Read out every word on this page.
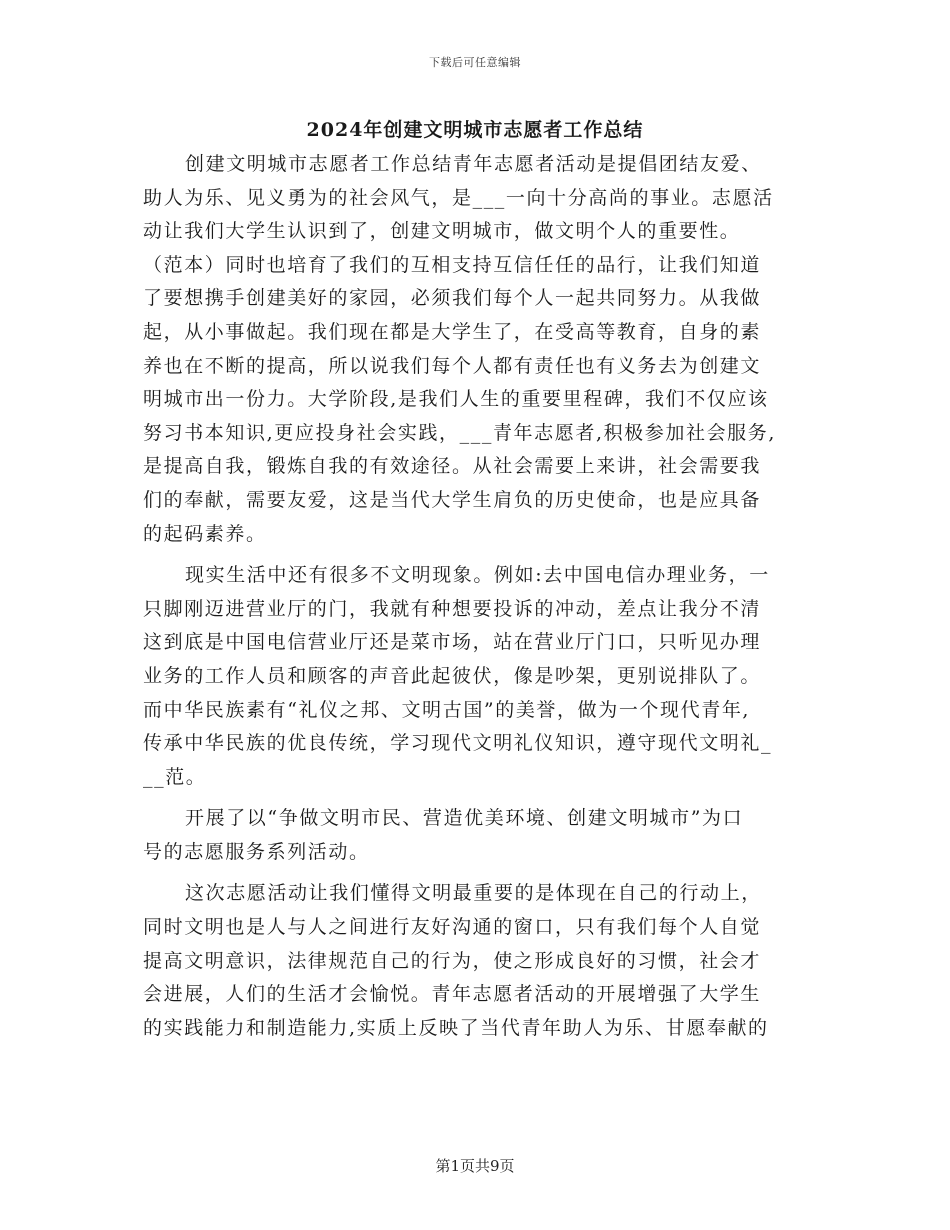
下载后可任意编辑
2024年创建文明城市志愿者工作总结
创建文明城市志愿者工作总结青年志愿者活动是提倡团结友爱、
助人为乐、见义勇为的社会风气，是___一向十分高尚的事业。志愿活
动让我们大学生认识到了，创建文明城市，做文明个人的重要性。
（范本）同时也培育了我们的互相支持互信任任的品行，让我们知道
了要想携手创建美好的家园，必须我们每个人一起共同努力。从我做
起，从小事做起。我们现在都是大学生了，在受高等教育，自身的素
养也在不断的提高，所以说我们每个人都有责任也有义务去为创建文
明城市出一份力。大学阶段,是我们人生的重要里程碑，我们不仅应该
努习书本知识,更应投身社会实践，___青年志愿者,积极参加社会服务,
是提高自我，锻炼自我的有效途径。从社会需要上来讲，社会需要我
们的奉献，需要友爱，这是当代大学生肩负的历史使命，也是应具备
的起码素养。
现实生活中还有很多不文明现象。例如:去中国电信办理业务，一
只脚刚迈进营业厅的门，我就有种想要投诉的冲动，差点让我分不清
这到底是中国电信营业厅还是菜市场，站在营业厅门口，只听见办理
业务的工作人员和顾客的声音此起彼伏，像是吵架，更别说排队了。
而中华民族素有“礼仪之邦、文明古国”的美誉，做为一个现代青年,
传承中华民族的优良传统，学习现代文明礼仪知识，遵守现代文明礼_
__范。
开展了以“争做文明市民、营造优美环境、创建文明城市”为口
号的志愿服务系列活动。
这次志愿活动让我们懂得文明最重要的是体现在自己的行动上，
同时文明也是人与人之间进行友好沟通的窗口，只有我们每个人自觉
提高文明意识，法律规范自己的行为，使之形成良好的习惯，社会才
会进展，人们的生活才会愉悦。青年志愿者活动的开展增强了大学生
的实践能力和制造能力,实质上反映了当代青年助人为乐、甘愿奉献的
第1页共9页
